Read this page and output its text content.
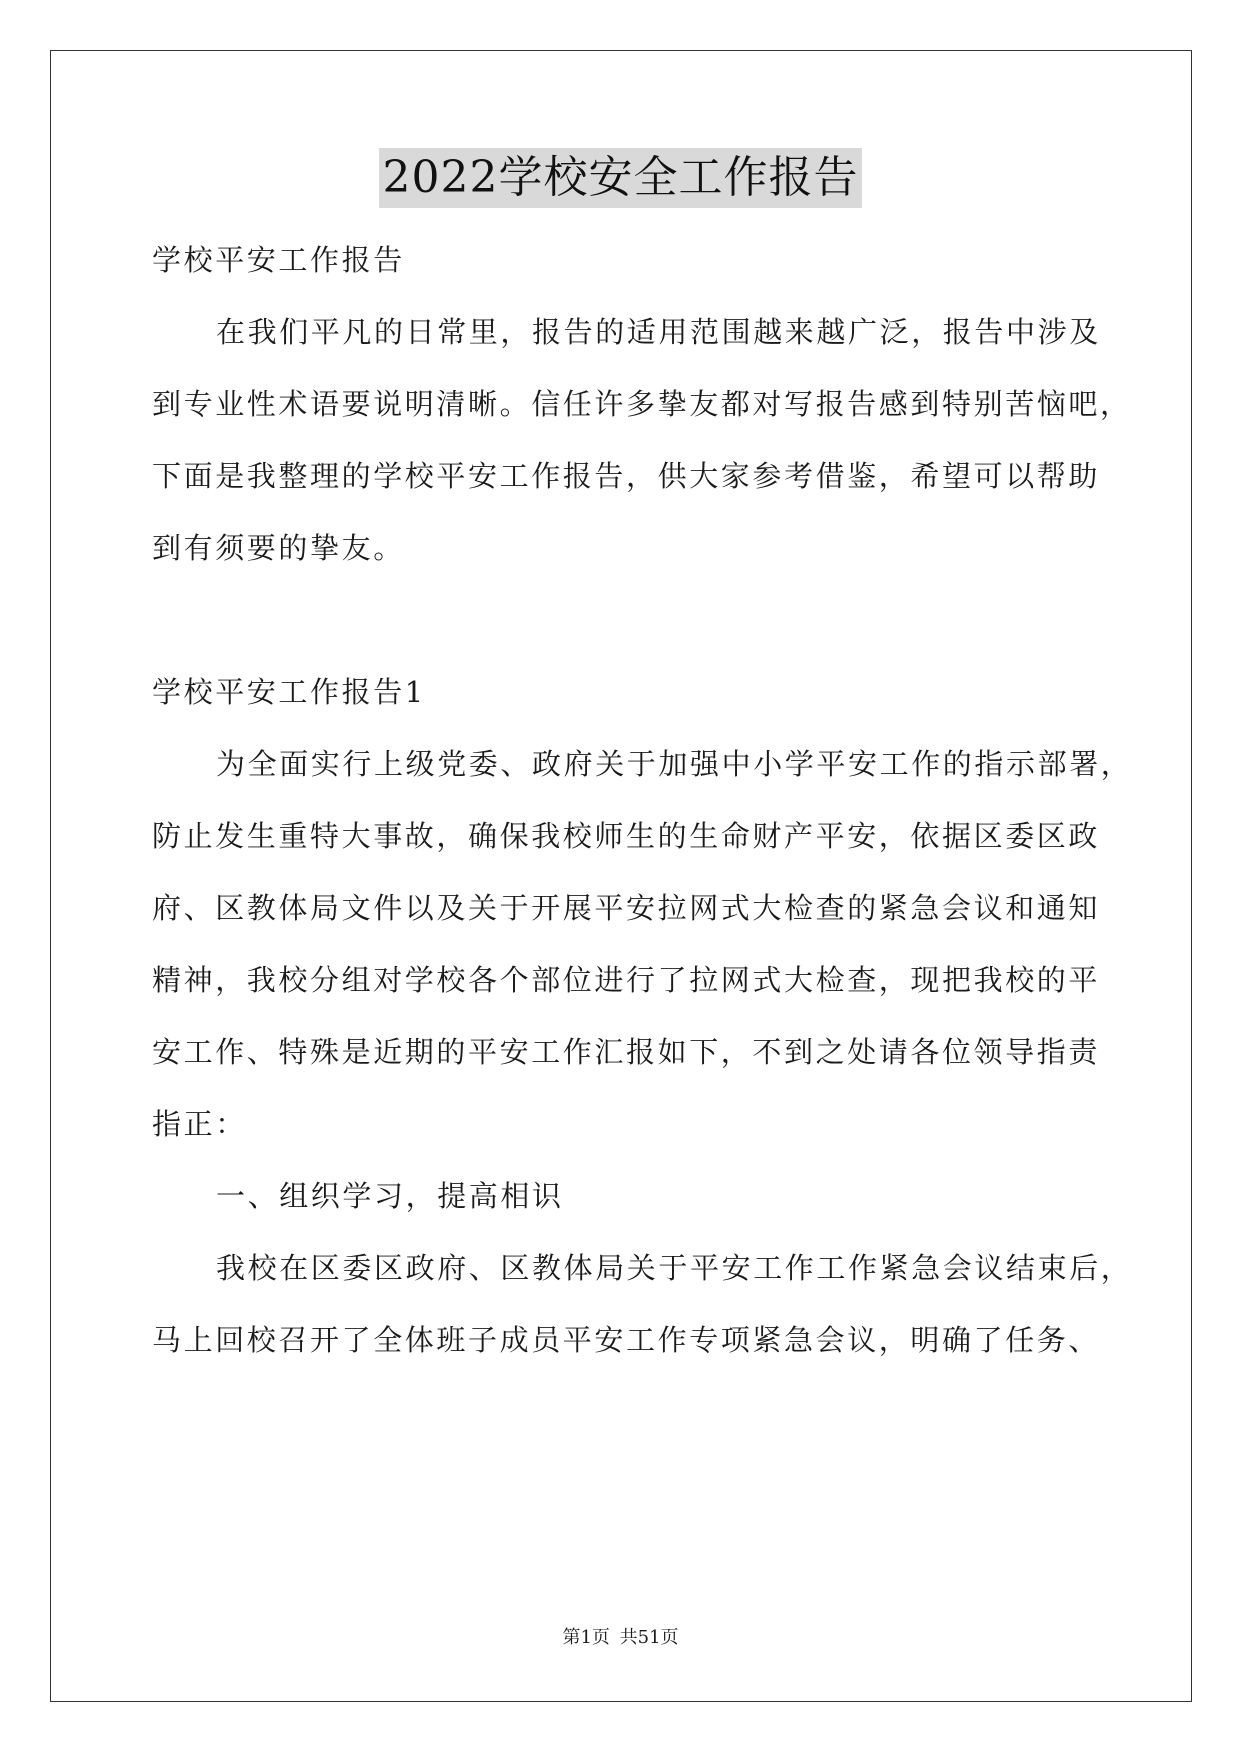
2022学校安全工作报告
学校平安工作报告
在我们平凡的日常里，报告的适用范围越来越广泛，报告中涉及
到专业性术语要说明清晰。信任许多挚友都对写报告感到特别苦恼吧，
下面是我整理的学校平安工作报告，供大家参考借鉴，希望可以帮助
到有须要的挚友。
学校平安工作报告1
为全面实行上级党委、政府关于加强中小学平安工作的指示部署，
防止发生重特大事故，确保我校师生的生命财产平安，依据区委区政
府、区教体局文件以及关于开展平安拉网式大检查的紧急会议和通知
精神，我校分组对学校各个部位进行了拉网式大检查，现把我校的平
安工作、特殊是近期的平安工作汇报如下，不到之处请各位领导指责
指正：
一、组织学习，提高相识
我校在区委区政府、区教体局关于平安工作工作紧急会议结束后，
马上回校召开了全体班子成员平安工作专项紧急会议，明确了任务、
第1页 共51页
